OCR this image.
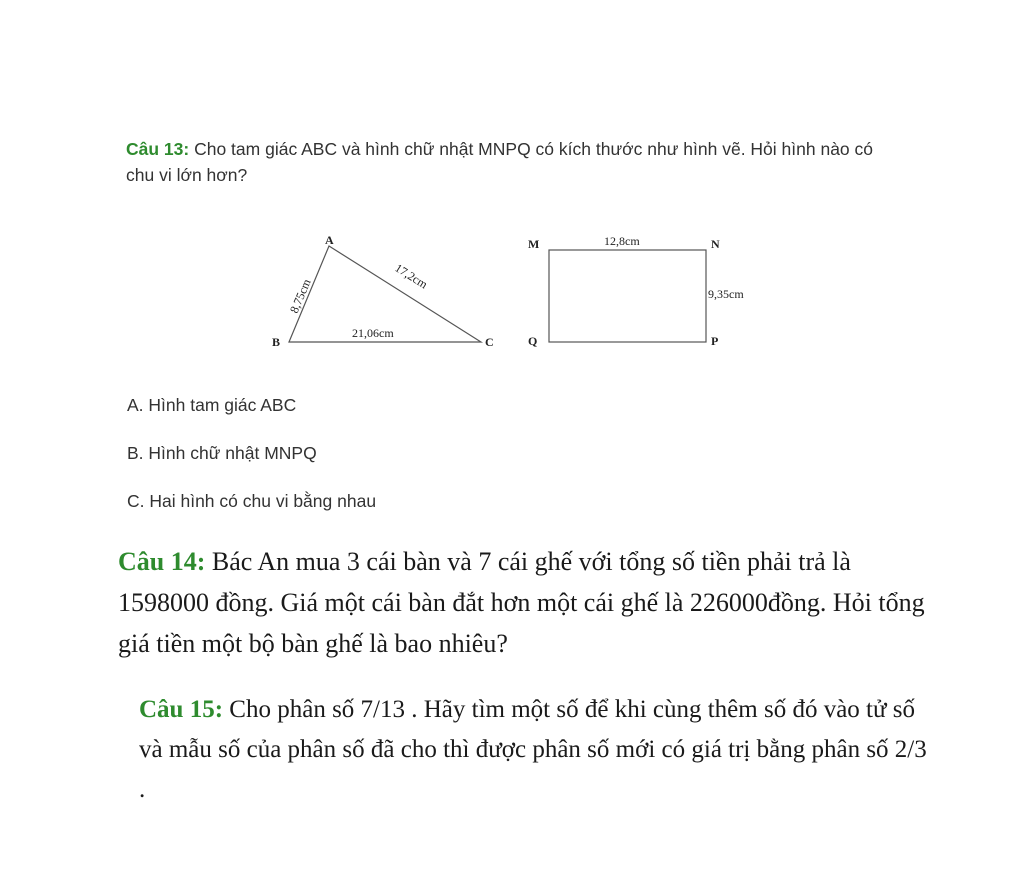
Câu 13: Cho tam giác ABC và hình chữ nhật MNPQ có kích thước như hình vẽ. Hỏi hình nào có chu vi lớn hơn?
A
B	C
8,75cm
17,2cm
21,06cm
M	N
P
Q
12,8cm
9,35cm
A. Hình tam giác ABC
B. Hình chữ nhật MNPQ
C. Hai hình có chu vi bằng nhau
Câu 14: Bác An mua 3 cái bàn và 7 cái ghế với tổng số tiền phải trả là 1598000 đồng. Giá một cái bàn đắt hơn một cái ghế là 226000đồng. Hỏi tổng giá tiền một bộ bàn ghế là bao nhiêu?
Câu 15: Cho phân số 7/13 . Hãy tìm một số để khi cùng thêm số đó vào tử số và mẫu số của phân số đã cho thì được phân số mới có giá trị bằng phân số 2/3 .
